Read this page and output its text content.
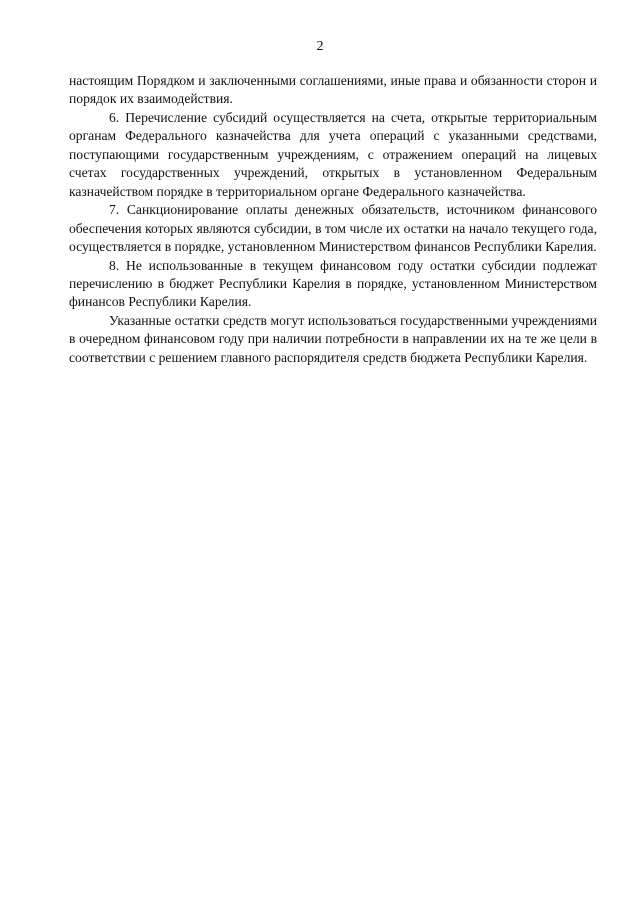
2

настоящим Порядком и заключенными соглашениями, иные права и обязанности сторон и порядок их взаимодействия.

6. Перечисление субсидий осуществляется на счета, открытые территориальным органам Федерального казначейства для учета операций с указанными средствами, поступающими государственным учреждениям, с отражением операций на лицевых счетах государственных учреждений, открытых в установленном Федеральным казначейством порядке в территориальном органе Федерального казначейства.

7. Санкционирование оплаты денежных обязательств, источником финансового обеспечения которых являются субсидии, в том числе их остатки на начало текущего года, осуществляется в порядке, установленном Министерством финансов Республики Карелия.

8. Не использованные в текущем финансовом году остатки субсидии подлежат перечислению в бюджет Республики Карелия в порядке, установленном Министерством финансов Республики Карелия.

Указанные остатки средств могут использоваться государственными учреждениями в очередном финансовом году при наличии потребности в направлении их на те же цели в соответствии с решением главного распорядителя средств бюджета Республики Карелия.
